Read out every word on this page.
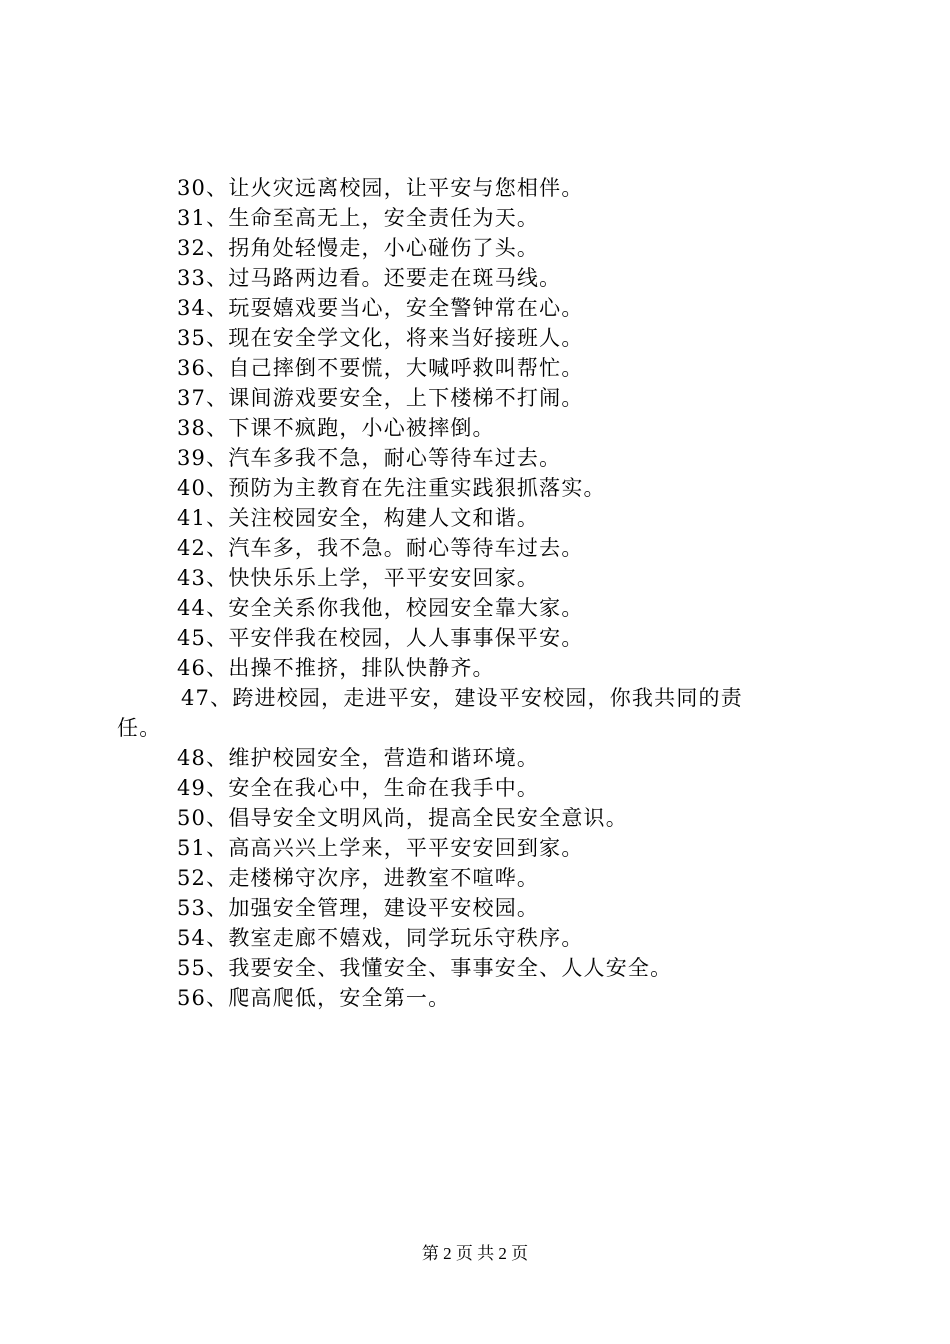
30、让火灾远离校园，让平安与您相伴。
31、生命至高无上，安全责任为天。
32、拐角处轻慢走，小心碰伤了头。
33、过马路两边看。还要走在斑马线。
34、玩耍嬉戏要当心，安全警钟常在心。
35、现在安全学文化，将来当好接班人。
36、自己摔倒不要慌，大喊呼救叫帮忙。
37、课间游戏要安全，上下楼梯不打闹。
38、下课不疯跑，小心被摔倒。
39、汽车多我不急，耐心等待车过去。
40、预防为主教育在先注重实践狠抓落实。
41、关注校园安全，构建人文和谐。
42、汽车多，我不急。耐心等待车过去。
43、快快乐乐上学，平平安安回家。
44、安全关系你我他，校园安全靠大家。
45、平安伴我在校园，人人事事保平安。
46、出操不推挤，排队快静齐。
47、跨进校园，走进平安，建设平安校园，你我共同的责
任。
48、维护校园安全，营造和谐环境。
49、安全在我心中，生命在我手中。
50、倡导安全文明风尚，提高全民安全意识。
51、高高兴兴上学来，平平安安回到家。
52、走楼梯守次序，进教室不喧哗。
53、加强安全管理，建设平安校园。
54、教室走廊不嬉戏，同学玩乐守秩序。
55、我要安全、我懂安全、事事安全、人人安全。
56、爬高爬低，安全第一。
第 2 页 共 2 页
